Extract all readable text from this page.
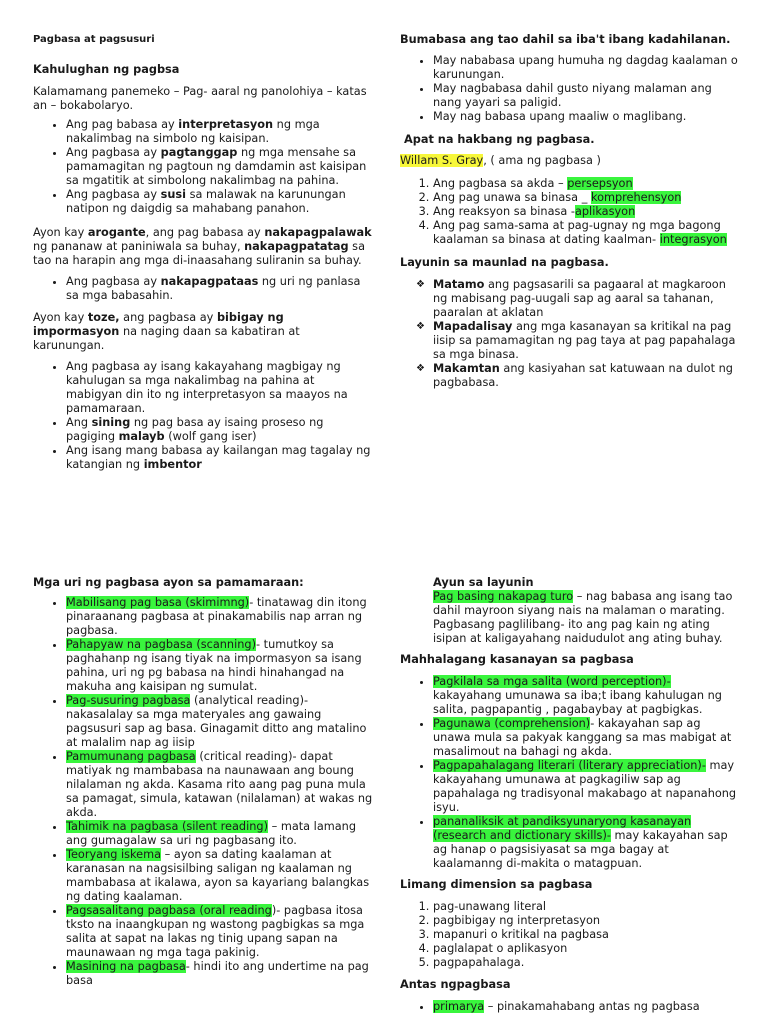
Pagbasa at pagsusuri

Kahulughan ng pagbsa

Kalamamang panemeko – Pag- aaral ng panolohiya – katas an – bokabolaryo.

• Ang pag babasa ay interpretasyon ng mga nakalimbag na simbolo ng kaisipan.
• Ang pagbasa ay pagtanggap ng mga mensahe sa pamamagitan ng pagtoun ng damdamin ast kaisipan sa mgatitik at simbolong nakalimbag na pahina.
• Ang pagbasa ay susi sa malawak na karunungan natipon ng daigdig sa mahabang panahon.

Ayon kay arogante, ang pag babasa ay nakapagpalawak ng pananaw at paniniwala sa buhay, nakapagpatatag sa tao na harapin ang mga di-inaasahang suliranin sa buhay.

• Ang pagbasa ay nakapagpataas ng uri ng panlasa sa mga babasahin.

Ayon kay toze, ang pagbasa ay bibigay ng impormasyon na naging daan sa kabatiran at karunungan.

• Ang pagbasa ay isang kakayahang magbigay ng kahulugan sa mga nakalimbag na pahina at mabigyan din ito ng interpretasyon sa maayos na pamamaraan.
• Ang sining ng pag basa ay isaing proseso ng pagiging malayb (wolf gang iser)
• Ang isang mang babasa ay kailangan mag tagalay ng katangian ng imbentor

Bumabasa ang tao dahil sa iba't ibang kadahilanan.

• May nababasa upang humuha ng dagdag kaalaman o karunungan.
• May nagbabasa dahil gusto niyang malaman ang nang yayari sa paligid.
• May nag babasa upang maaliw o maglibang.

Apat na hakbang ng pagbasa.

Willam S. Gray, ( ama ng pagbasa )

1. Ang pagbasa sa akda – persepsyon
2. Ang pag unawa sa binasa _ komprehensyon
3. Ang reaksyon sa binasa -aplikasyon
4. Ang pag sama-sama at pag-ugnay ng mga bagong kaalaman sa binasa at dating kaalman- integrasyon

Layunin sa maunlad na pagbasa.

❖ Matamo ang pagsasarili sa pagaaral at magkaroon ng mabisang pag-uugali sap ag aaral sa tahanan, paaralan at aklatan
❖ Mapadalisay ang mga kasanayan sa kritikal na pag iisip sa pamamagitan ng pag taya at pag papahalaga sa mga binasa.
❖ Makamtan ang kasiyahan sat katuwaan na dulot ng pagbabasa.

Mga uri ng pagbasa ayon sa pamamaraan:

• Mabilisang pag basa (skimimng)- tinatawag din itong pinaraanang pagbasa at pinakamabilis nap arran ng pagbasa.
• Pahapyaw na pagbasa (scanning)- tumutkoy sa paghahanp ng isang tiyak na impormasyon sa isang pahina, uri ng pg babasa na hindi hinahangad na makuha ang kaisipan ng sumulat.
• Pag-susuring pagbasa (analytical reading)- nakasalalay sa mga materyales ang gawaing pagsusuri sap ag basa. Ginagamit ditto ang matalino at malalim nap ag iisip
• Pamumunang pagbasa (critical reading)- dapat matiyak ng mambabasa na naunawaan ang boung nilalaman ng akda. Kasama rito aang pag puna mula sa pamagat, simula, katawan (nilalaman) at wakas ng akda.
• Tahimik na pagbasa (silent reading) – mata lamang ang gumagalaw sa uri ng pagbasang ito.
• Teoryang iskema – ayon sa dating kaalaman at karanasan na nagsisilbing saligan ng kaalaman ng mambabasa at ikalawa, ayon sa kayariang balangkas ng dating kaalaman.
• Pagsasalitang pagbasa (oral reading)- pagbasa itosa tksto na inaangkupan ng wastong pagbigkas sa mga salita at sapat na lakas ng tinig upang sapan na maunawaan ng mga taga pakinig.
• Masining na pagbasa- hindi ito ang undertime na pag basa

Ayun sa layunin

Pag basing nakapag turo – nag babasa ang isang tao dahil mayroon siyang nais na malaman o marating.

Pagbasang paglilibang- ito ang pag kain ng ating isipan at kaligayahang naidudulot ang ating buhay.

Mahhalagang kasanayan sa pagbasa

• Pagkilala sa mga salita (word perception)- kakayahang umunawa sa iba;t ibang kahulugan ng salita, pagpapantig , pagabaybay at pagbigkas.
• Pagunawa (comprehension)- kakayahan sap ag unawa mula sa pakyak kanggang sa mas mabigat at masalimout na bahagi ng akda.
• Pagpapahalagang literari (literary appreciation)- may kakayahang umunawa at pagkagiliw sap ag papahalaga ng tradisyonal makabago at napanahong isyu.
• pananaliksik at pandiksyunaryong kasanayan (research and dictionary skills)- may kakayahan sap ag hanap o pagsisiyasat sa mga bagay at kaalamanng di-makita o matagpuan.

Limang dimension sa pagbasa

1. pag-unawang literal
2. pagbibigay ng interpretasyon
3. mapanuri o kritikal na pagbasa
4. paglalapat o aplikasyon
5. pagpapahalaga.

Antas ngpagbasa

• primarya – pinakamahabang antas ng pagbasa
